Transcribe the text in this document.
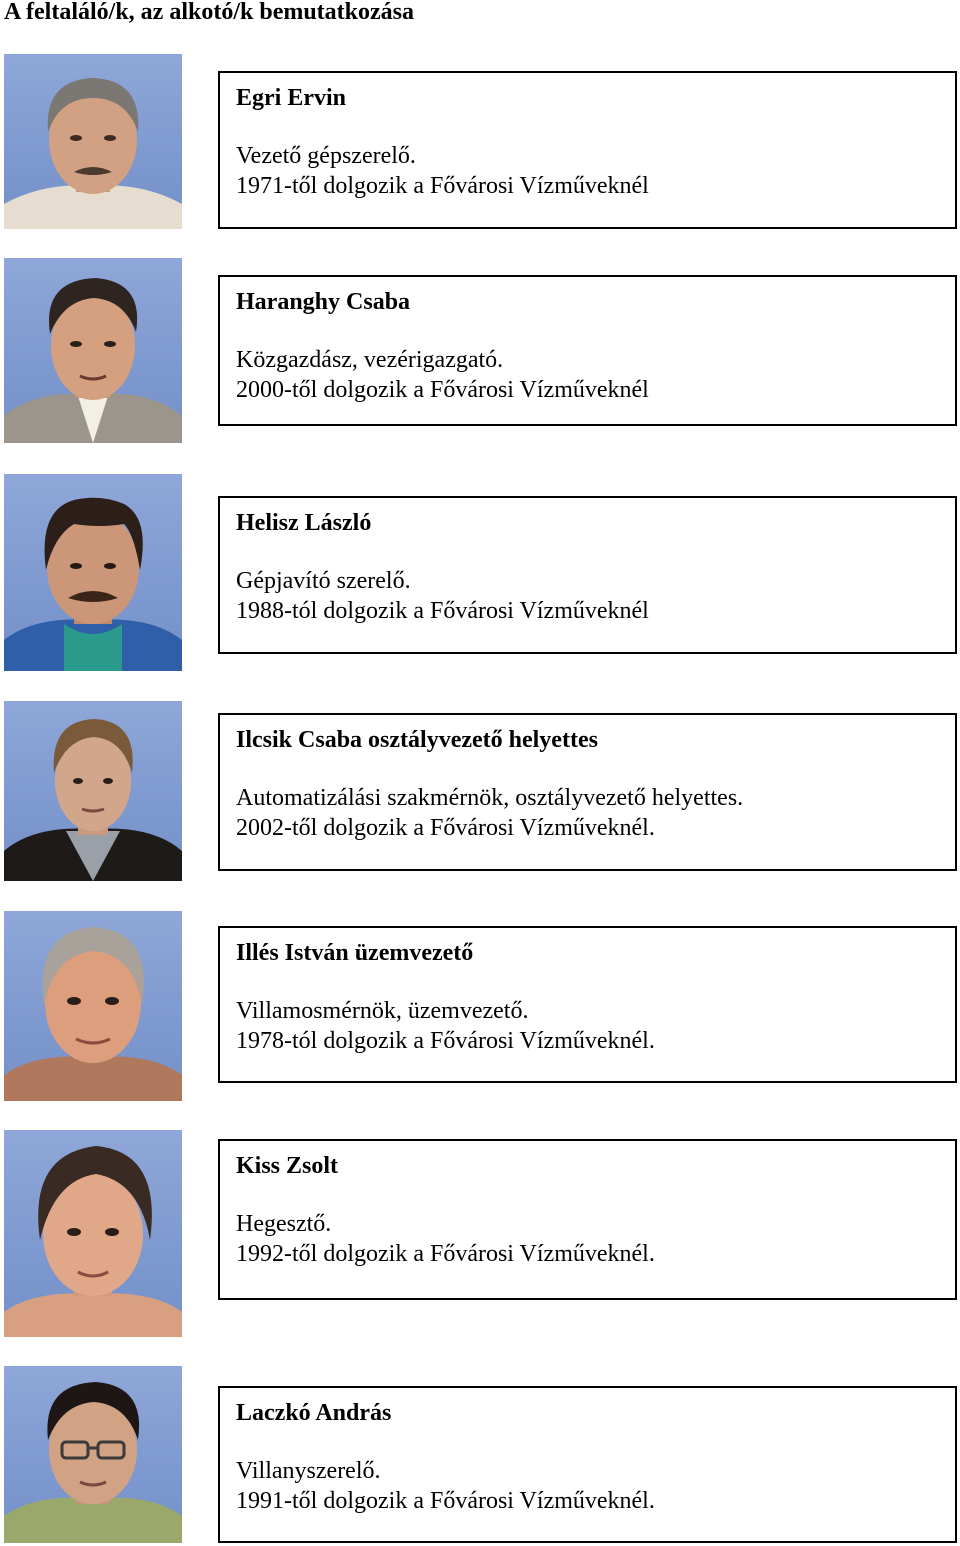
A feltaláló/k, az alkotó/k bemutatkozása

Egri Ervin

Vezető gépszerelő.

1971-től dolgozik a Fővárosi Vízműveknél

Haranghy Csaba

Közgazdász, vezérigazgató.

2000-től dolgozik a Fővárosi Vízműveknél

Helisz László

Gépjavító szerelő.

1988-tól dolgozik a Fővárosi Vízműveknél

Ilcsik Csaba osztályvezető helyettes

Automatizálási szakmérnök, osztályvezető helyettes.

2002-től dolgozik a Fővárosi Vízműveknél.

Illés István üzemvezető

Villamosmérnök, üzemvezető.

1978-tól dolgozik a Fővárosi Vízműveknél.

Kiss Zsolt

Hegesztő.

1992-től dolgozik a Fővárosi Vízműveknél.

Laczkó András

Villanyszerelő.

1991-től dolgozik a Fővárosi Vízműveknél.
